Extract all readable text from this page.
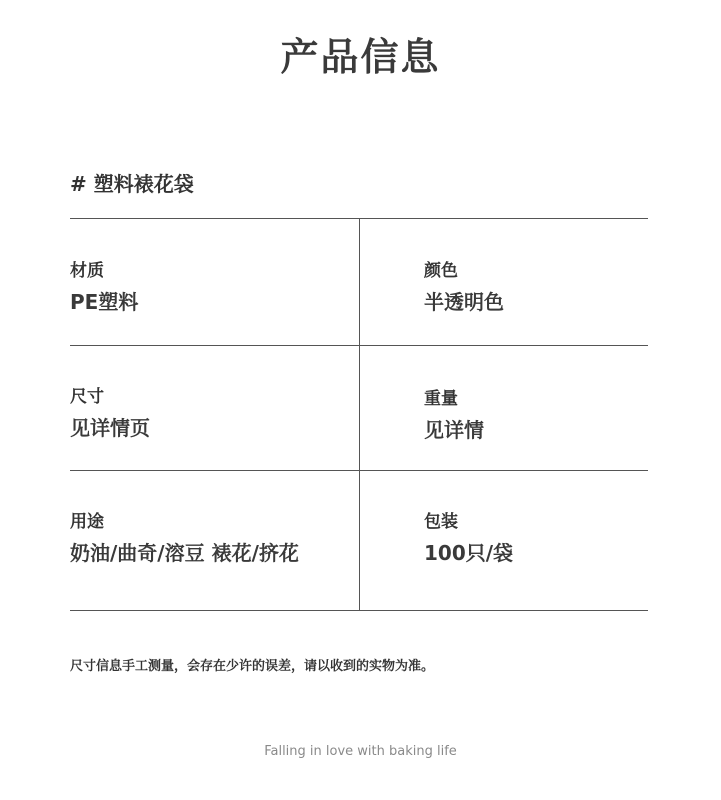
产品信息
# 塑料裱花袋
材质
PE塑料
颜色
半透明色
尺寸
见详情页
重量
见详情
用途
奶油/曲奇/溶豆 裱花/挤花
包装
100只/袋
尺寸信息手工测量，会存在少许的误差，请以收到的实物为准。
Falling in love with baking life
